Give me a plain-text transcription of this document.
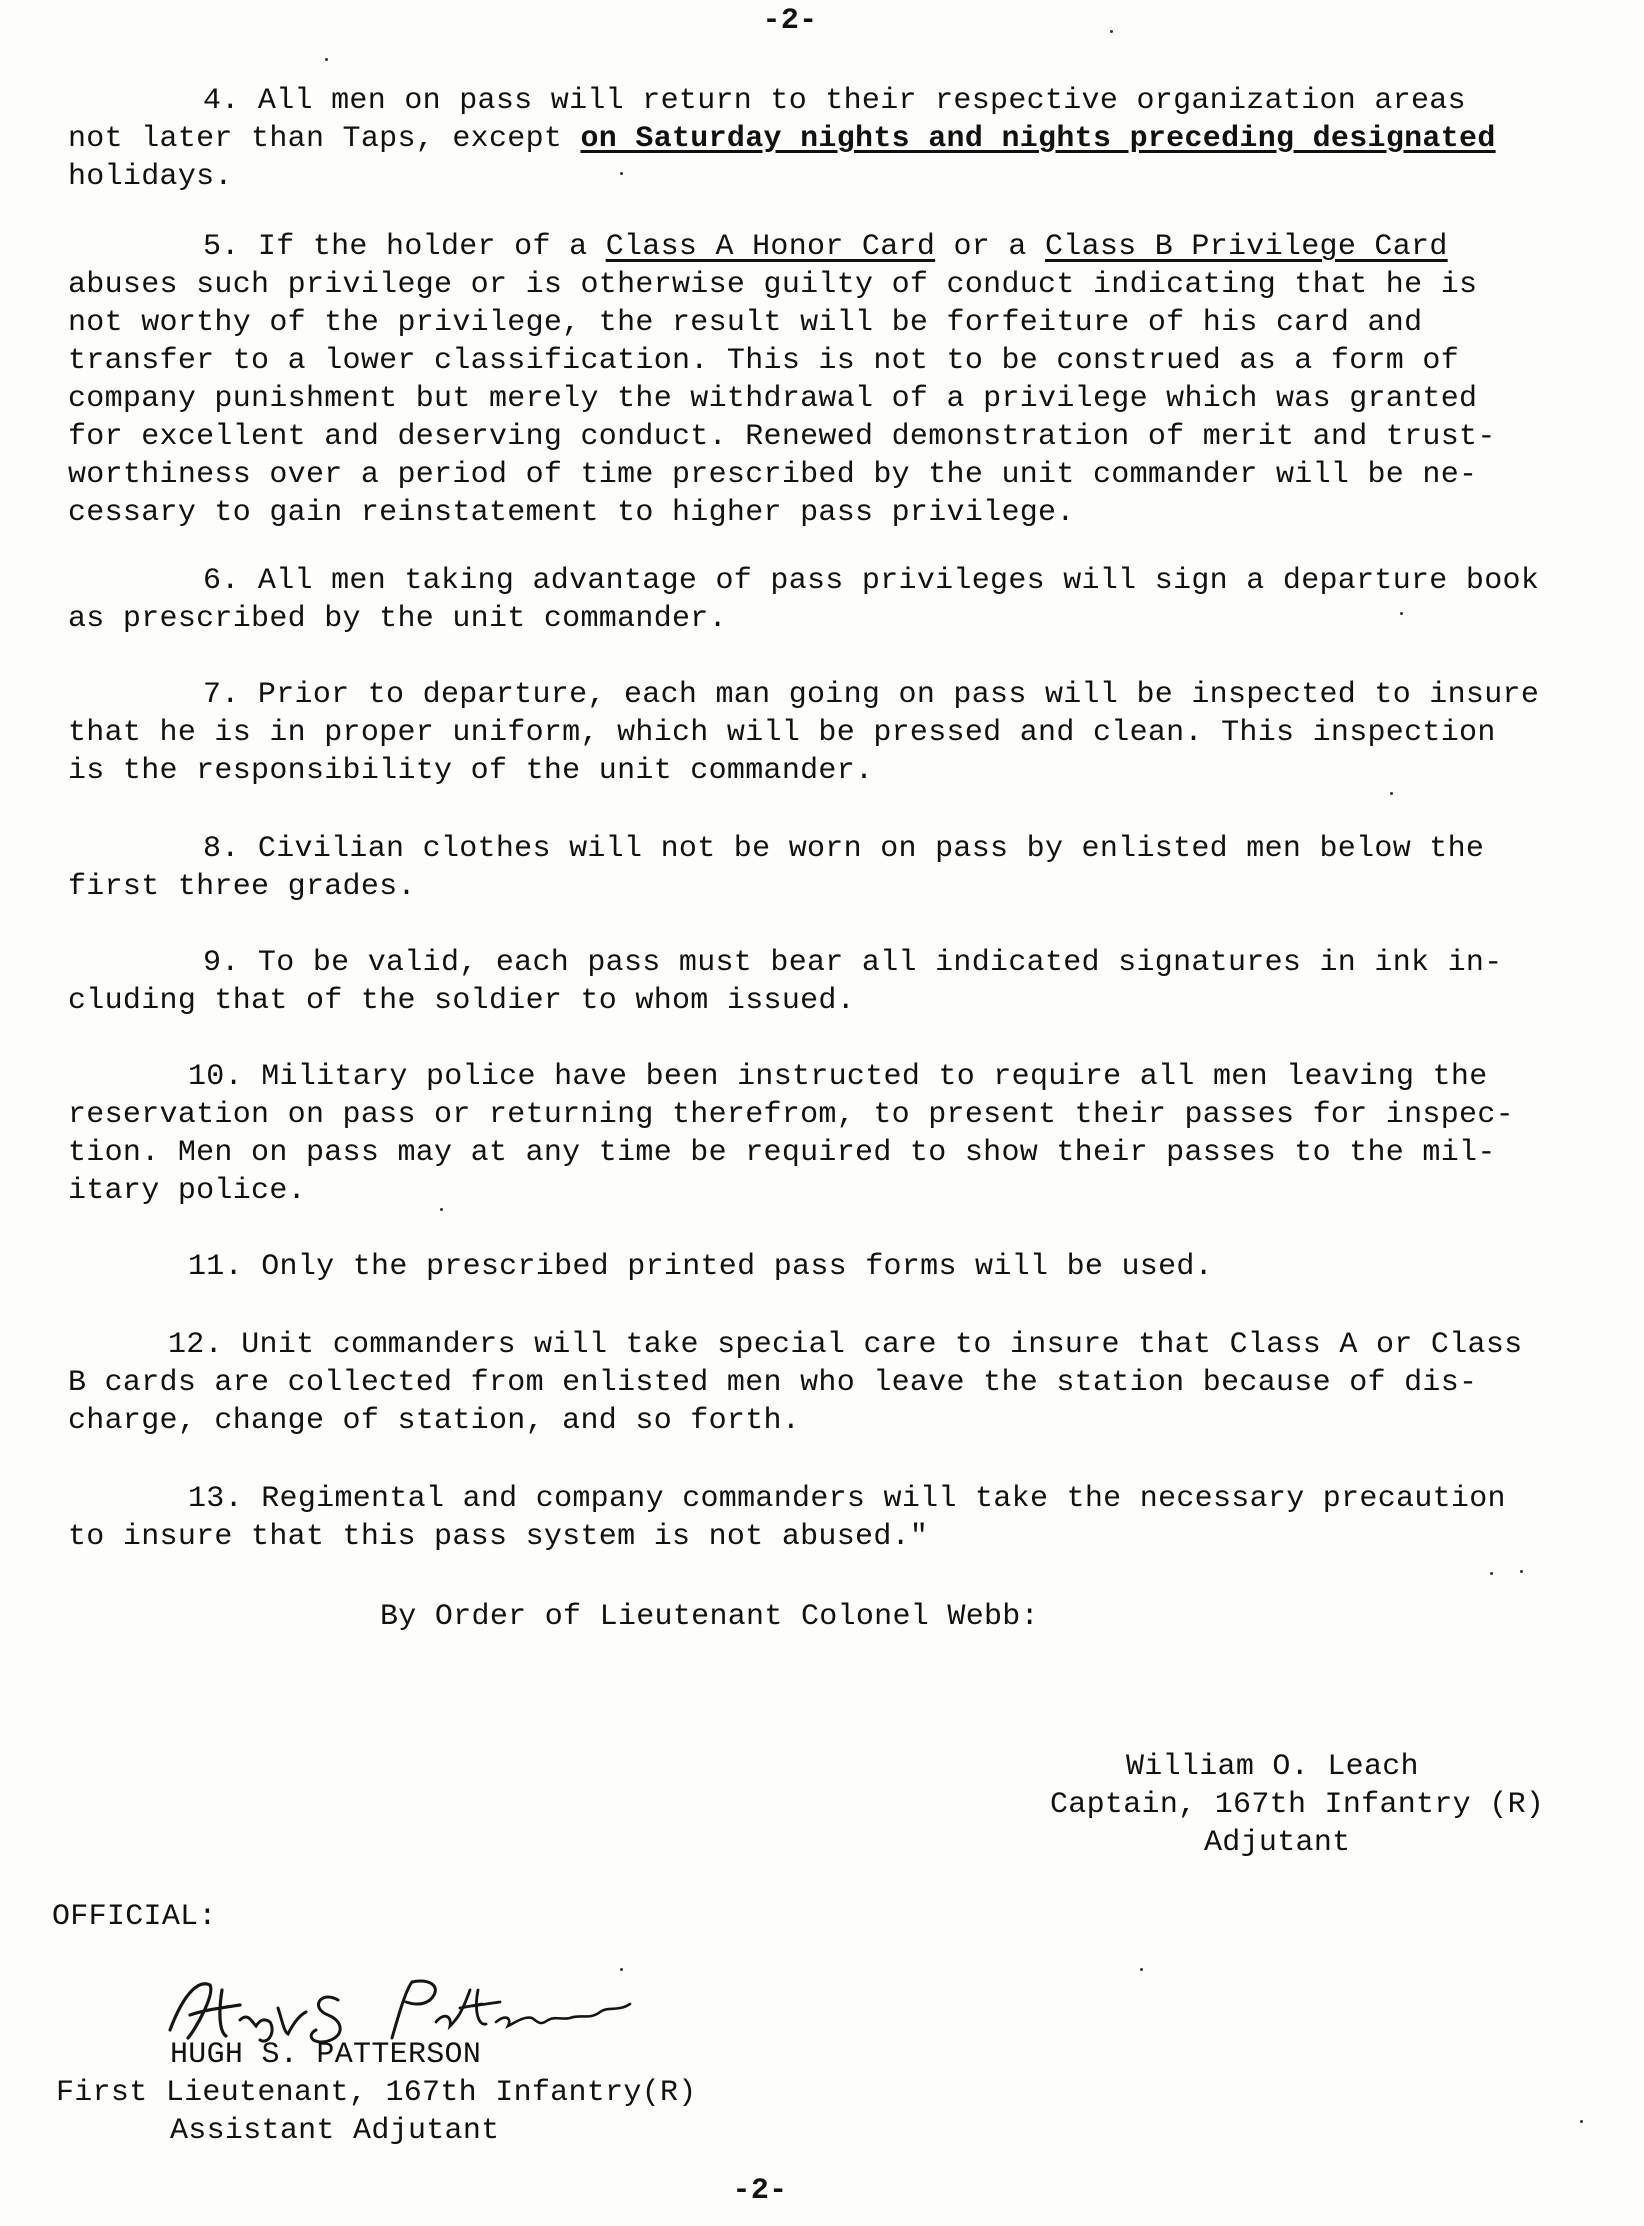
-2-
4. All men on pass will return to their respective organization areas
not later than Taps, except on Saturday nights and nights preceding designated
holidays.
5. If the holder of a Class A Honor Card or a Class B Privilege Card
abuses such privilege or is otherwise guilty of conduct indicating that he is
not worthy of the privilege, the result will be forfeiture of his card and
transfer to a lower classification. This is not to be construed as a form of
company punishment but merely the withdrawal of a privilege which was granted
for excellent and deserving conduct. Renewed demonstration of merit and trust-
worthiness over a period of time prescribed by the unit commander will be ne-
cessary to gain reinstatement to higher pass privilege.
6. All men taking advantage of pass privileges will sign a departure book
as prescribed by the unit commander.
7. Prior to departure, each man going on pass will be inspected to insure
that he is in proper uniform, which will be pressed and clean. This inspection
is the responsibility of the unit commander.
8. Civilian clothes will not be worn on pass by enlisted men below the
first three grades.
9. To be valid, each pass must bear all indicated signatures in ink in-
cluding that of the soldier to whom issued.
10. Military police have been instructed to require all men leaving the
reservation on pass or returning therefrom, to present their passes for inspec-
tion. Men on pass may at any time be required to show their passes to the mil-
itary police.
11. Only the prescribed printed pass forms will be used.
12. Unit commanders will take special care to insure that Class A or Class
B cards are collected from enlisted men who leave the station because of dis-
charge, change of station, and so forth.
13. Regimental and company commanders will take the necessary precaution
to insure that this pass system is not abused."
By Order of Lieutenant Colonel Webb:
William O. Leach
Captain, 167th Infantry (R)
Adjutant
OFFICIAL:
HUGH S. PATTERSON
First Lieutenant, 167th Infantry(R)
Assistant Adjutant
-2-
